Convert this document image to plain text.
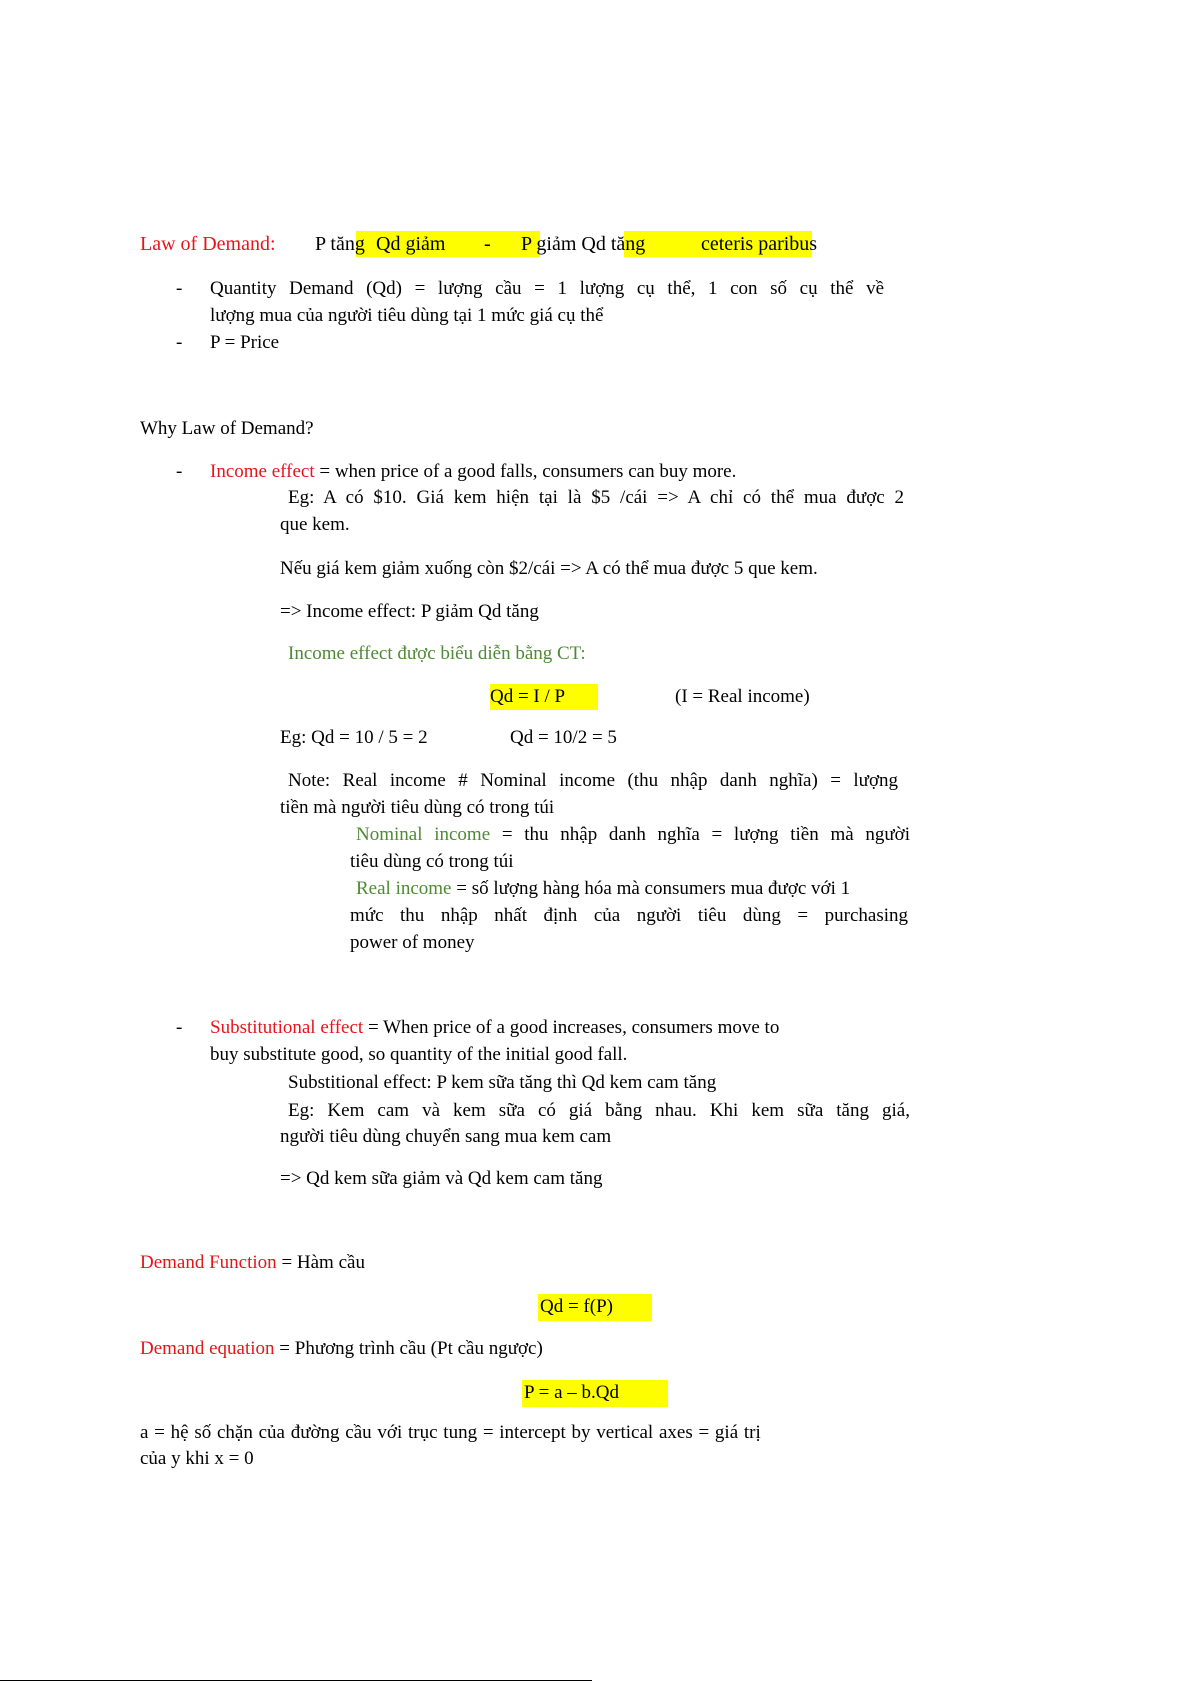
Law of Demand: P tăng Qd giảm - P giảm Qd tăng	ceteris paribus
- Quantity Demand (Qd) = lượng cầu = 1 lượng cụ thể, 1 con số cụ thể về
lượng mua của người tiêu dùng tại 1 mức giá cụ thể
- P = Price
Why Law of Demand?
- Income effect = when price of a good falls, consumers can buy more.
Eg: A có $10. Giá kem hiện tại là $5 /cái => A chỉ có thể mua được 2
que kem.
Nếu giá kem giảm xuống còn $2/cái => A có thể mua được 5 que kem.
=> Income effect: P giảm Qd tăng
Income effect được biểu diễn bằng CT:
Qd = I / P	(I = Real income)
Eg: Qd = 10 / 5 = 2	Qd = 10/2 = 5
Note: Real income # Nominal income (thu nhập danh nghĩa) = lượng
tiền mà người tiêu dùng có trong túi
Nominal income = thu nhập danh nghĩa = lượng tiền mà người
tiêu dùng có trong túi
Real income = số lượng hàng hóa mà consumers mua được với 1
mức thu nhập nhất định của người tiêu dùng = purchasing
power of money
- Substitutional effect = When price of a good increases, consumers move to
buy substitute good, so quantity of the initial good fall.
Substitional effect: P kem sữa tăng thì Qd kem cam tăng
Eg: Kem cam và kem sữa có giá bằng nhau. Khi kem sữa tăng giá,
người tiêu dùng chuyển sang mua kem cam
=> Qd kem sữa giảm và Qd kem cam tăng
Demand Function = Hàm cầu
Qd = f(P)
Demand equation = Phương trình cầu (Pt cầu ngược)
P = a – b.Qd
a = hệ số chặn của đường cầu với trục tung = intercept by vertical axes = giá trị
của y khi x = 0
